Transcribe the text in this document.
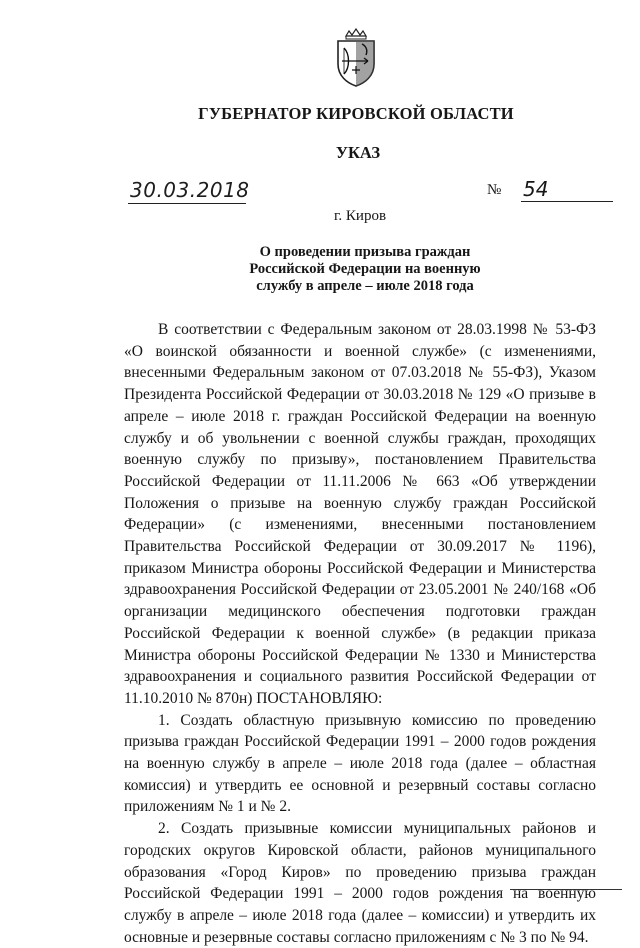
ГУБЕРНАТОР КИРОВСКОЙ ОБЛАСТИ
УКАЗ
30.03.2018	№ 54
г. Киров
О проведении призыва граждан
Российской Федерации на военную
службу в апреле – июле 2018 года

В соответствии с Федеральным законом от 28.03.1998 № 53-ФЗ «О воинской обязанности и военной службе» (с изменениями, внесенными Федеральным законом от 07.03.2018 № 55-ФЗ), Указом Президента Российской Федерации от 30.03.2018 № 129 «О призыве в апреле – июле 2018 г. граждан Российской Федерации на военную службу и об увольнении с военной службы граждан, проходящих военную службу по призыву», постановлением Правительства Российской Федерации от 11.11.2006 № 663 «Об утверждении Положения о призыве на военную службу граждан Российской Федерации» (с изменениями, внесенными постановлением Правительства Российской Федерации от 30.09.2017 № 1196), приказом Министра обороны Российской Федерации и Министерства здравоохранения Российской Федерации от 23.05.2001 № 240/168 «Об организации медицинского обеспечения подготовки граждан Российской Федерации к военной службе» (в редакции приказа Министра обороны Российской Федерации № 1330 и Министерства здравоохранения и социального развития Российской Федерации от 11.10.2010 № 870н) ПОСТАНОВЛЯЮ:

1. Создать областную призывную комиссию по проведению призыва граждан Российской Федерации 1991 – 2000 годов рождения на военную службу в апреле – июле 2018 года (далее – областная комиссия) и утвердить ее основной и резервный составы согласно приложениям № 1 и № 2.

2. Создать призывные комиссии муниципальных районов и городских округов Кировской области, районов муниципального образования «Город Киров» по проведению призыва граждан Российской Федерации 1991 – 2000 годов рождения на военную службу в апреле – июле 2018 года (далее – комиссии) и утвердить их основные и резервные составы согласно приложениям с № 3 по № 94.
